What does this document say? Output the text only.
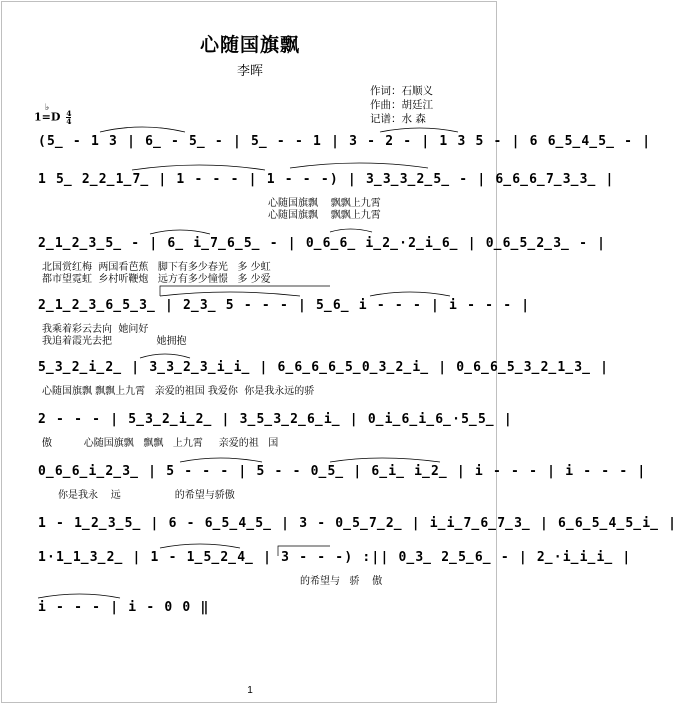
心随国旗飘
李晖
作词：石顺义
作曲：胡廷江
记谱：水 森
1=D
♭
$\frac{4}{4}$
(5̲ - 1 3 | 6̲ - 5̲ - | 5̲ - - 1 | 3 - 2 - | 1 3 5 - | 6 6̲5̲4̲5̲ - |
1 5̲ 2̲2̲1̲7̲ | 1 - - - | 1 - - -) | 3̲3̲3̲2̲5̲ - | 6̲6̲6̲7̲3̲3̲ |
心随国旗飘    飘飘上九霄
心随国旗飘    飘飘上九霄
2̲1̲2̲3̲5̲ - | 6̲ i̲7̲6̲5̲ - | 0̲6̲6̲ i̲2̲·2̲i̲6̲ | 0̲6̲5̲2̲3̲ - |
北国赏红梅  两国看芭蕉   脚下有多少春光   多 少虹
都市望霓虹  乡村听鞭炮   远方有多少憧憬   多 少爱
2̲1̲2̲3̲6̲5̲3̲ | 2̲3̲ 5 - - - | 5̲6̲ i - - - | i - - - |
我乘着彩云去向  她问好
我追着霞光去把              她拥抱
5̲3̲2̲i̲2̲ | 3̲3̲2̲3̲i̲i̲ | 6̲6̲6̲6̲5̲0̲3̲2̲i̲ | 0̲6̲6̲5̲3̲2̲1̲3̲ |
心随国旗飘 飘飘上九霄   亲爱的祖国 我爱你  你是我永远的骄
2 - - - | 5̲3̲2̲i̲2̲ | 3̲5̲3̲2̲6̲i̲ | 0̲i̲6̲i̲6̲·5̲5̲ |
傲          心随国旗飘   飘飘   上九霄     亲爱的祖   国
0̲6̲6̲i̲2̲3̲ | 5 - - - | 5 - - 0̲5̲ | 6̲i̲ i̲2̲ | i - - - | i - - - |
你是我永    远                 的希望与骄傲
1 - 1̲2̲3̲5̲ | 6 - 6̲5̲4̲5̲ | 3 - 0̲5̲7̲2̲ | i̲i̲7̲6̲7̲3̲ | 6̲6̲5̲4̲5̲i̲ |
1·1̲1̲3̲2̲ | 1 - 1̲5̲2̲4̲ | 3 - - -) :|| 0̲3̲ 2̲5̲6̲ - | 2̲·i̲i̲i̲ |
的希望与   骄    傲
i - - - | i - 0 0 ‖
1
